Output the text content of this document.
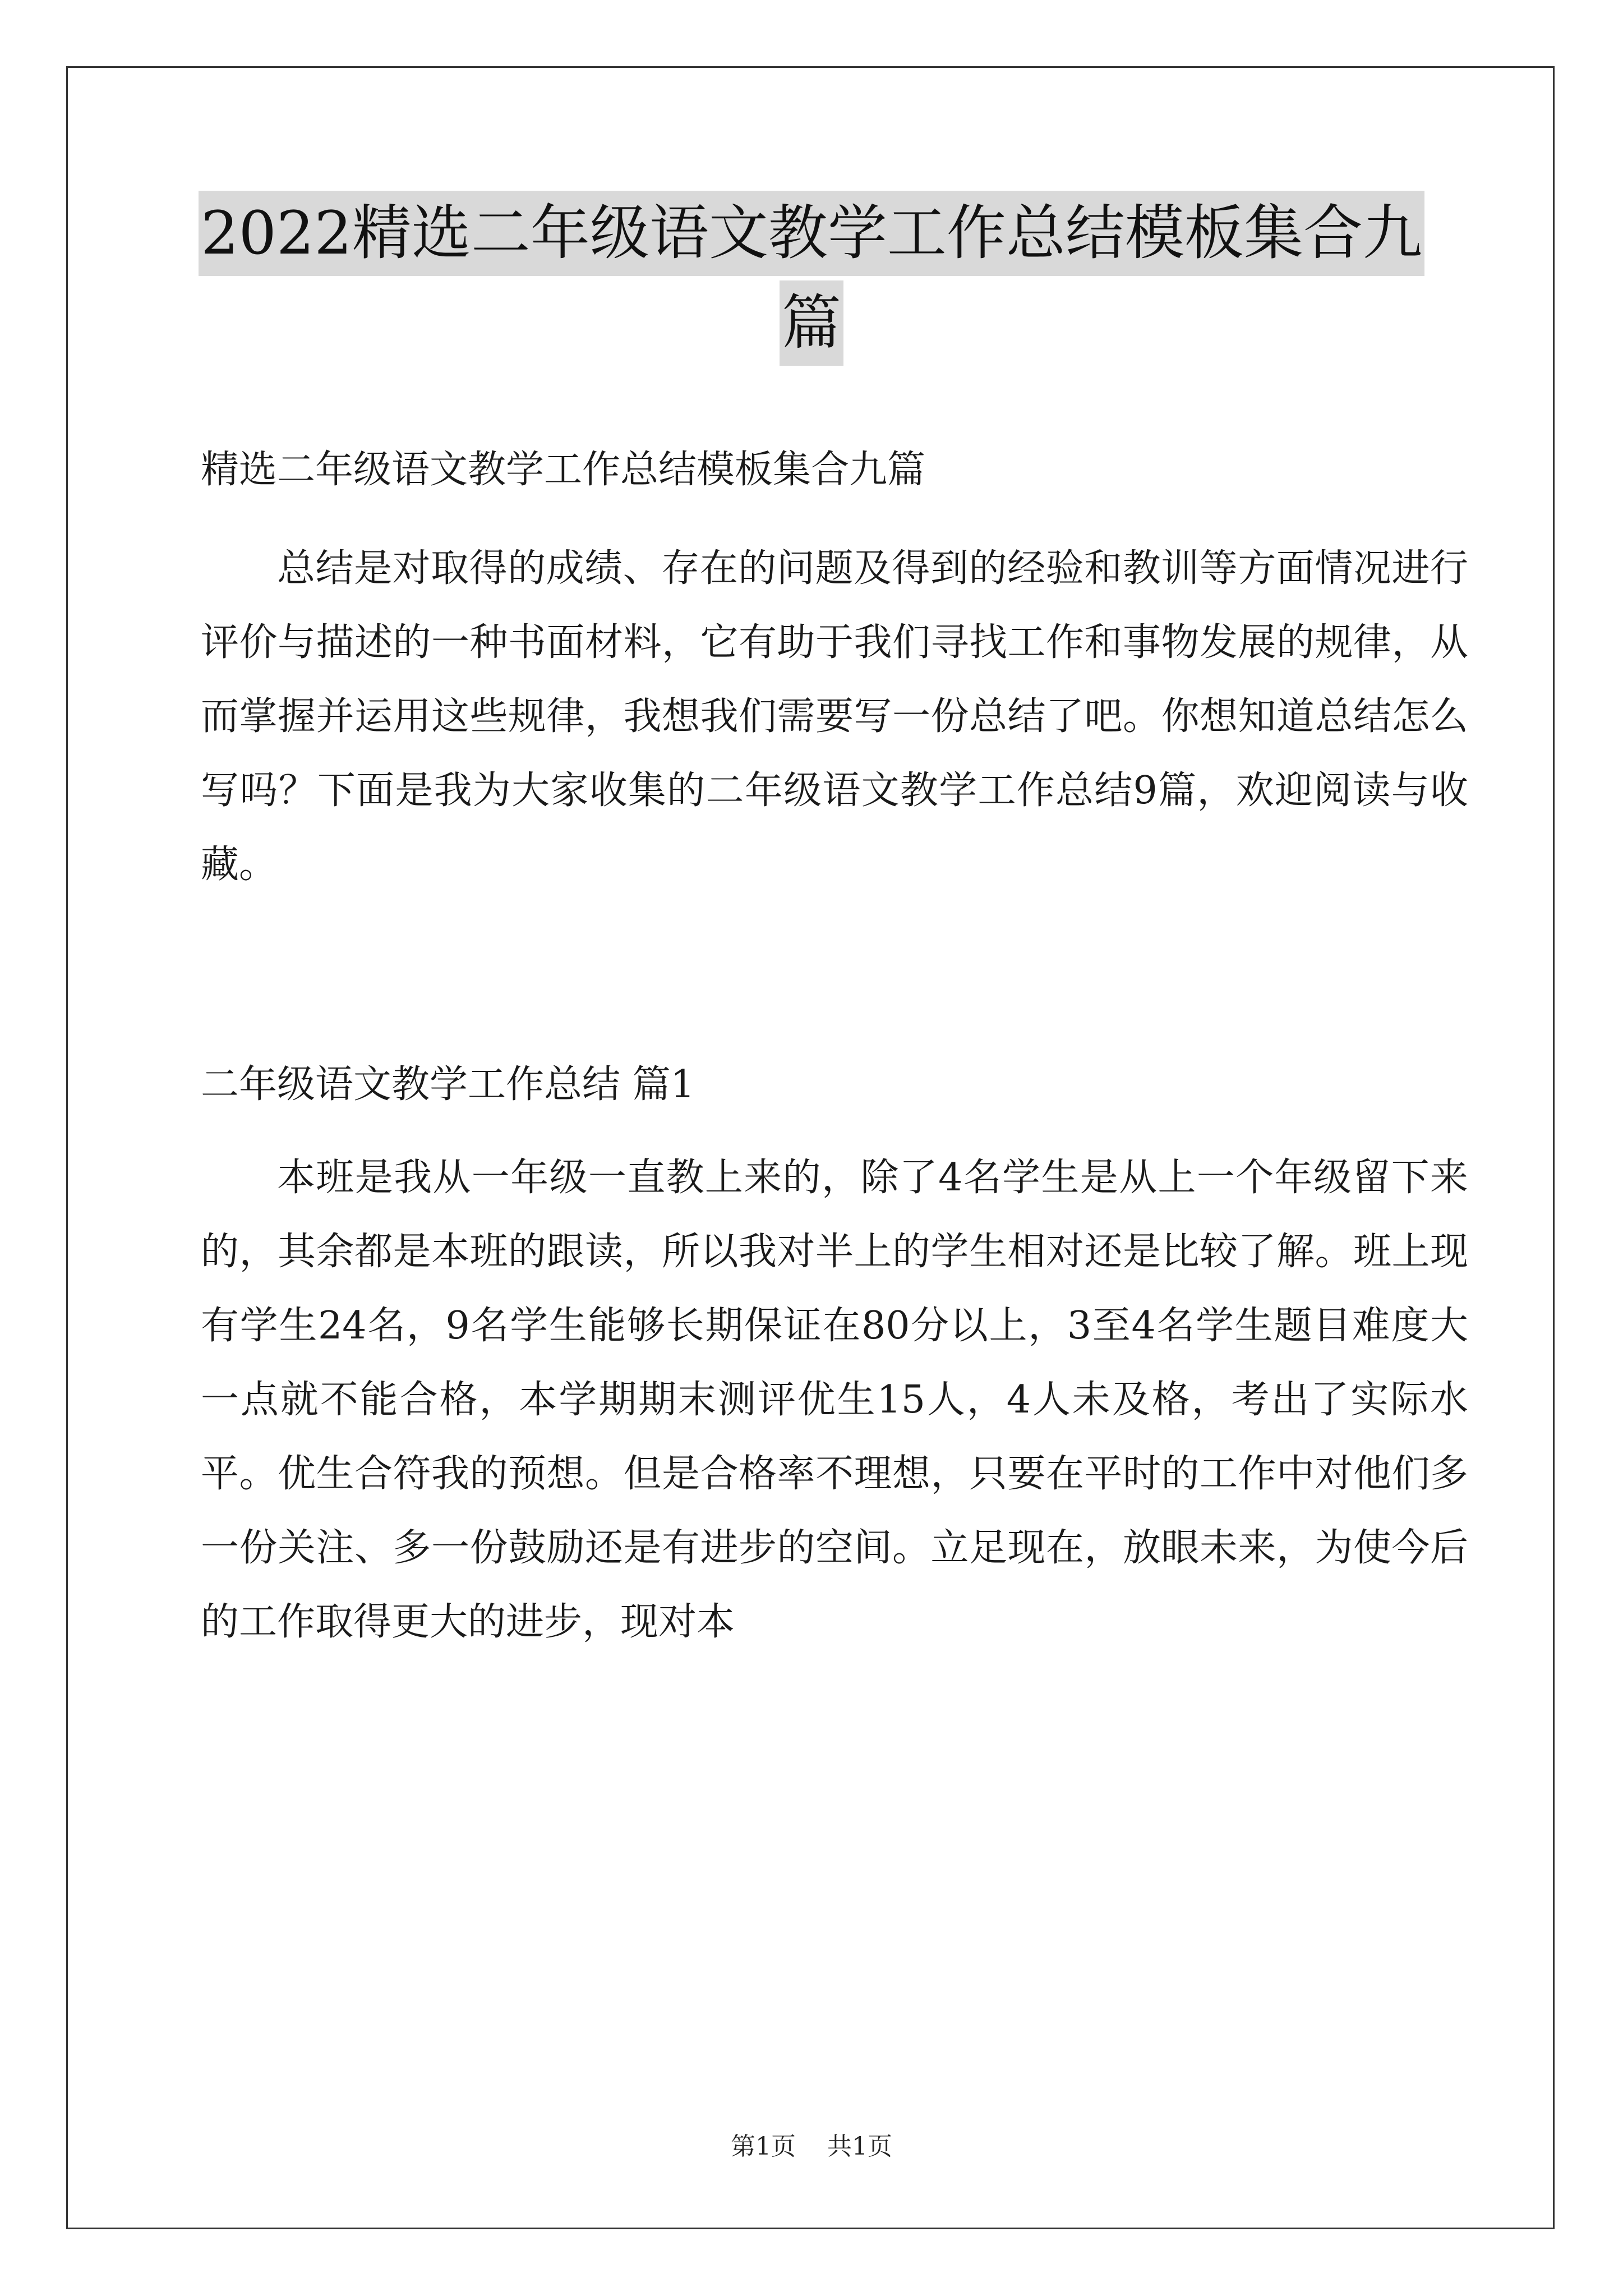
2022精选二年级语文教学工作总结模板集合九
篇

精选二年级语文教学工作总结模板集合九篇

总结是对取得的成绩、存在的问题及得到的经验和教训等方面情况进行评价与描述的一种书面材料，它有助于我们寻找工作和事物发展的规律，从而掌握并运用这些规律，我想我们需要写一份总结了吧。你想知道总结怎么写吗？下面是我为大家收集的二年级语文教学工作总结9篇，欢迎阅读与收藏。

二年级语文教学工作总结 篇1

本班是我从一年级一直教上来的，除了4名学生是从上一个年级留下来的，其余都是本班的跟读，所以我对半上的学生相对还是比较了解。班上现有学生24名，9名学生能够长期保证在80分以上，3至4名学生题目难度大一点就不能合格，本学期期末测评优生15人，4人未及格，考出了实际水平。优生合符我的预想。但是合格率不理想，只要在平时的工作中对他们多一份关注、多一份鼓励还是有进步的空间。立足现在，放眼未来，为使今后的工作取得更大的进步，现对本

第1页    共1页
